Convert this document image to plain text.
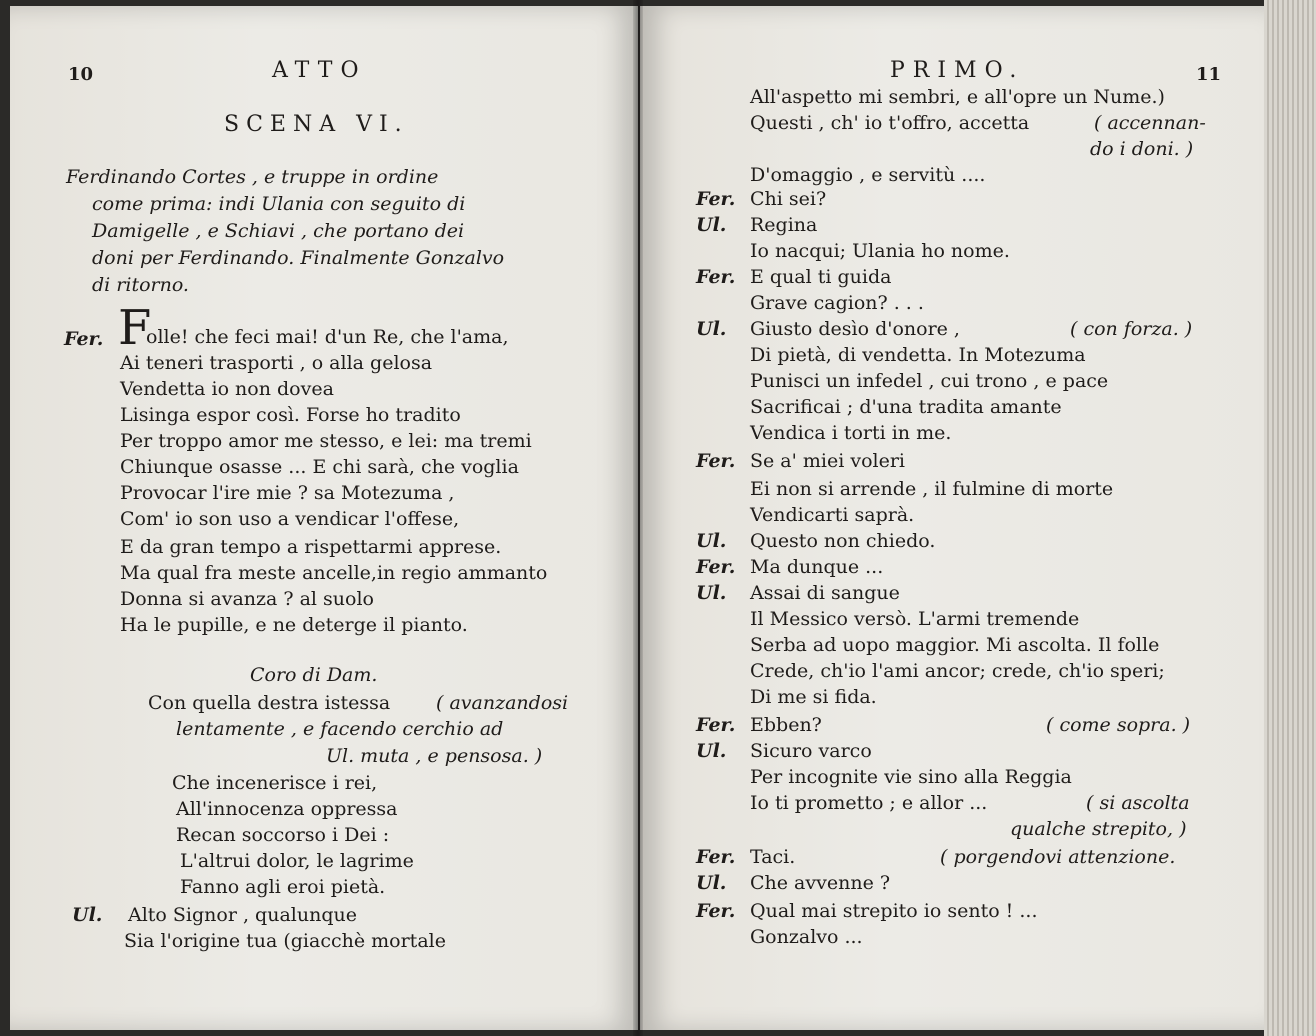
10	ATTO
SCENA VI.
Ferdinando Cortes , e truppe in ordine
come prima: indi Ulania con seguito di
Damigelle , e Schiavi , che portano dei
doni per Ferdinando. Finalmente Gonzalvo
di ritorno.
Fer. F
olle! che feci mai! d'un Re, che l'ama,
Ai teneri trasporti , o alla gelosa
Vendetta io non dovea
Lisinga espor così. Forse ho tradito
Per troppo amor me stesso, e lei: ma tremi
Chiunque osasse ... E chi sarà, che voglia
Provocar l'ire mie ? sa Motezuma ,
Com' io son uso a vendicar l'offese,
E da gran tempo a rispettarmi apprese.
Ma qual fra meste ancelle,in regio ammanto
Donna si avanza ? al suolo
Ha le pupille, e ne deterge il pianto.
Coro di Dam.
Con quella destra istessa ( avanzandosi
lentamente , e facendo cerchio ad
Ul. muta , e pensosa. )
Che incenerisce i rei,
All'innocenza oppressa
Recan soccorso i Dei :
L'altrui dolor, le lagrime
Fanno agli eroi pietà.
Ul. Alto Signor , qualunque
Sia l'origine tua (giacchè mortale
PRIMO.	11
All'aspetto mi sembri, e all'opre un Nume.)
Questi , ch' io t'offro, accetta	( accennan-
do i doni. )
D'omaggio , e servitù ....
Fer. Chi sei?
Ul. Regina
Io nacqui; Ulania ho nome.
Fer. E qual ti guida
Grave cagion? . . .
Ul. Giusto desìo d'onore ,	( con forza. )
Di pietà, di vendetta. In Motezuma
Punisci un infedel , cui trono , e pace
Sacrificai ; d'una tradita amante
Vendica i torti in me.
Fer. Se a' miei voleri
Ei non si arrende , il fulmine di morte
Vendicarti saprà.
Ul. Questo non chiedo.
Fer. Ma dunque ...
Ul. Assai di sangue
Il Messico versò. L'armi tremende
Serba ad uopo maggior. Mi ascolta. Il folle
Crede, ch'io l'ami ancor; crede, ch'io speri;
Di me si fida.
Fer. Ebben?	( come sopra. )
Ul. Sicuro varco
Per incognite vie sino alla Reggia
Io ti prometto ; e allor ...	( si ascolta
qualche strepito, )
Fer. Taci.	( porgendovi attenzione.
Ul. Che avvenne ?
Fer. Qual mai strepito io sento ! ...
Gonzalvo ...
